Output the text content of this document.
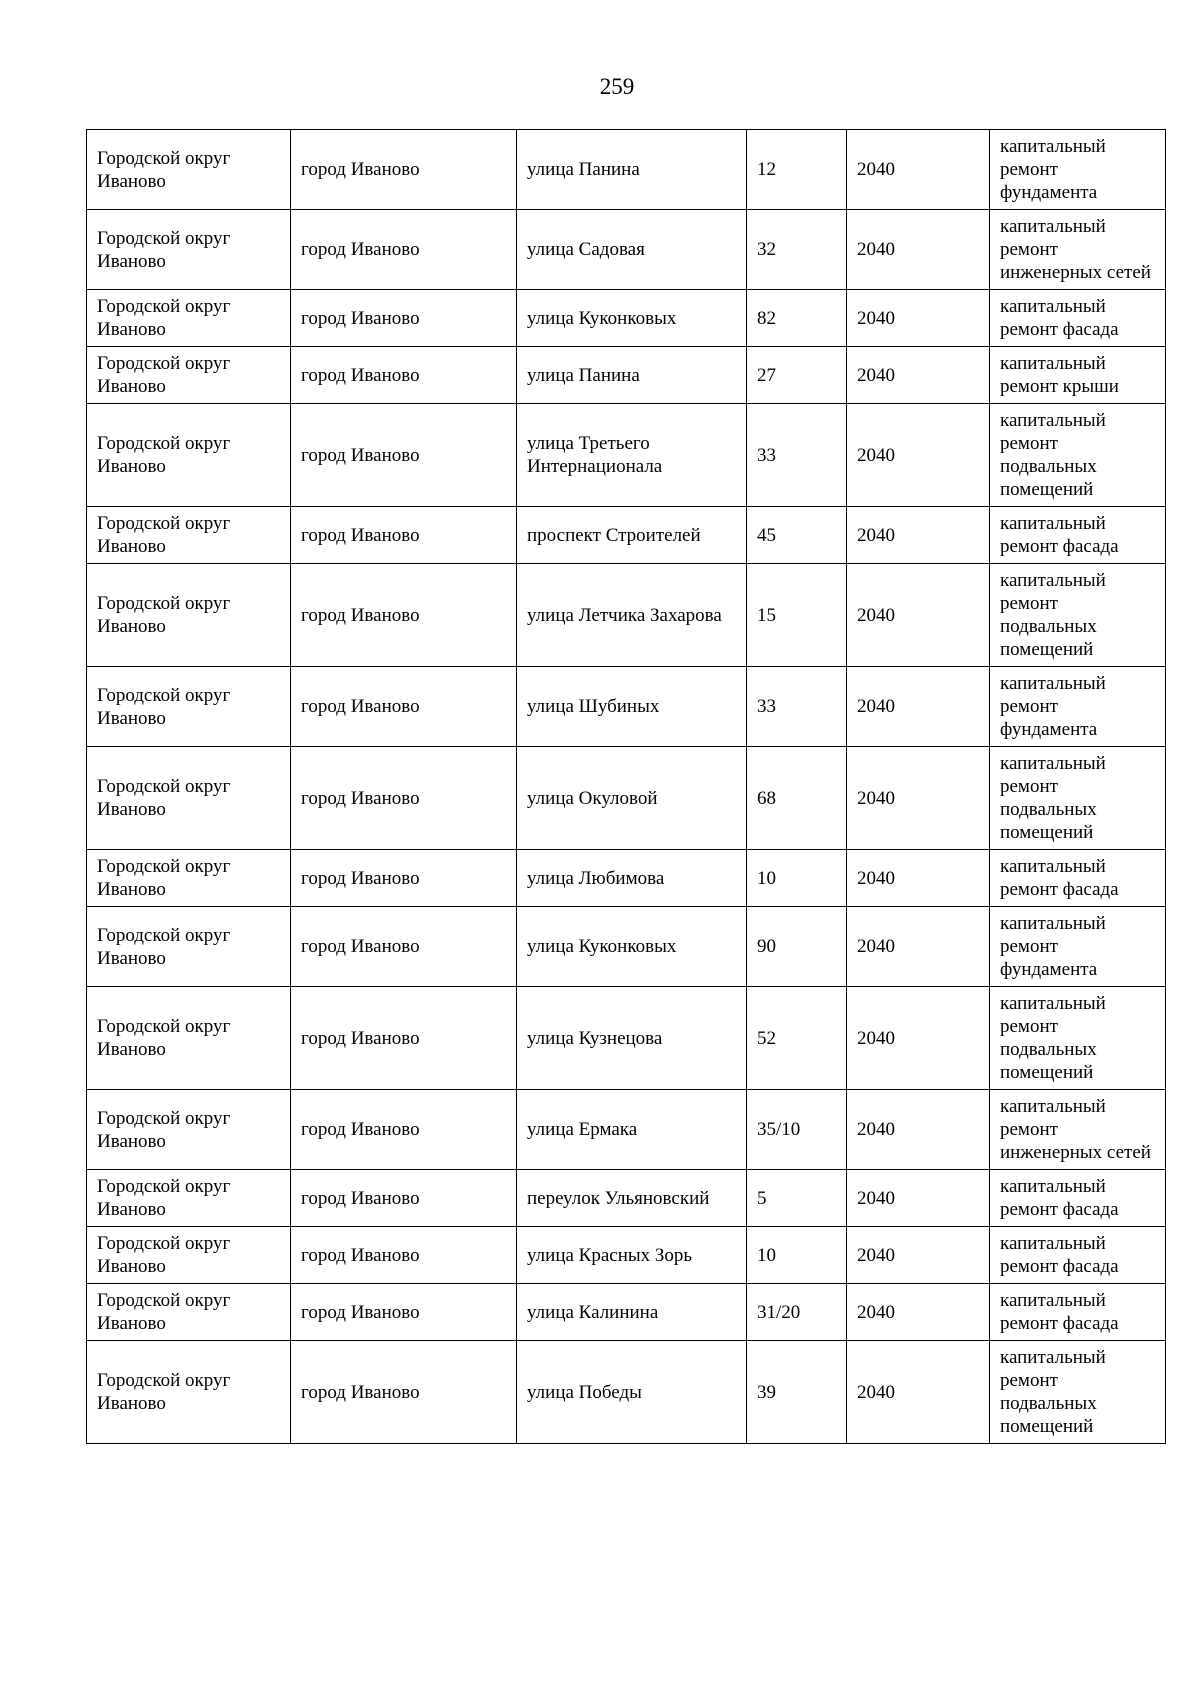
259
Городской округ Иваново	город Иваново	улица Панина	12	2040	капитальный ремонт фундамента
Городской округ Иваново	город Иваново	улица Садовая	32	2040	капитальный ремонт инженерных сетей
Городской округ Иваново	город Иваново	улица Куконковых	82	2040	капитальный ремонт фасада
Городской округ Иваново	город Иваново	улица Панина	27	2040	капитальный ремонт крыши
Городской округ Иваново	город Иваново	улица Третьего Интернационала	33	2040	капитальный ремонт подвальных помещений
Городской округ Иваново	город Иваново	проспект Строителей	45	2040	капитальный ремонт фасада
Городской округ Иваново	город Иваново	улица Летчика Захарова	15	2040	капитальный ремонт подвальных помещений
Городской округ Иваново	город Иваново	улица Шубиных	33	2040	капитальный ремонт фундамента
Городской округ Иваново	город Иваново	улица Окуловой	68	2040	капитальный ремонт подвальных помещений
Городской округ Иваново	город Иваново	улица Любимова	10	2040	капитальный ремонт фасада
Городской округ Иваново	город Иваново	улица Куконковых	90	2040	капитальный ремонт фундамента
Городской округ Иваново	город Иваново	улица Кузнецова	52	2040	капитальный ремонт подвальных помещений
Городской округ Иваново	город Иваново	улица Ермака	35/10	2040	капитальный ремонт инженерных сетей
Городской округ Иваново	город Иваново	переулок Ульяновский	5	2040	капитальный ремонт фасада
Городской округ Иваново	город Иваново	улица Красных Зорь	10	2040	капитальный ремонт фасада
Городской округ Иваново	город Иваново	улица Калинина	31/20	2040	капитальный ремонт фасада
Городской округ Иваново	город Иваново	улица Победы	39	2040	капитальный ремонт подвальных помещений
